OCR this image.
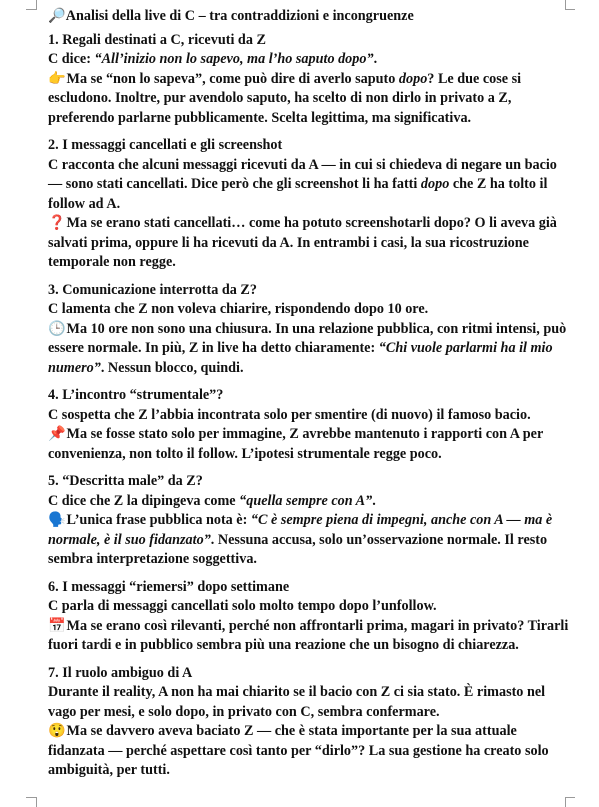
🔎 Analisi della live di C – tra contraddizioni e incongruenze

1. Regali destinati a C, ricevuti da Z

C dice: “All’inizio non lo sapevo, ma l’ho saputo dopo”.

👉 Ma se “non lo sapeva”, come può dire di averlo saputo dopo? Le due cose si escludono. Inoltre, pur avendolo saputo, ha scelto di non dirlo in privato a Z, preferendo parlarne pubblicamente. Scelta legittima, ma significativa.

2. I messaggi cancellati e gli screenshot

C racconta che alcuni messaggi ricevuti da A — in cui si chiedeva di negare un bacio — sono stati cancellati. Dice però che gli screenshot li ha fatti dopo che Z ha tolto il follow ad A.

❓ Ma se erano stati cancellati… come ha potuto screenshotarli dopo? O li aveva già salvati prima, oppure li ha ricevuti da A. In entrambi i casi, la sua ricostruzione temporale non regge.

3. Comunicazione interrotta da Z?

C lamenta che Z non voleva chiarire, rispondendo dopo 10 ore.

🕒 Ma 10 ore non sono una chiusura. In una relazione pubblica, con ritmi intensi, può essere normale. In più, Z in live ha detto chiaramente: “Chi vuole parlarmi ha il mio numero”. Nessun blocco, quindi.

4. L’incontro “strumentale”?

C sospetta che Z l’abbia incontrata solo per smentire (di nuovo) il famoso bacio.

📌 Ma se fosse stato solo per immagine, Z avrebbe mantenuto i rapporti con A per convenienza, non tolto il follow. L’ipotesi strumentale regge poco.

5. “Descritta male” da Z?

C dice che Z la dipingeva come “quella sempre con A”.

🗣️ L’unica frase pubblica nota è: “C è sempre piena di impegni, anche con A — ma è normale, è il suo fidanzato”. Nessuna accusa, solo un’osservazione normale. Il resto sembra interpretazione soggettiva.

6. I messaggi “riemersi” dopo settimane

C parla di messaggi cancellati solo molto tempo dopo l’unfollow.

📅 Ma se erano così rilevanti, perché non affrontarli prima, magari in privato? Tirarli fuori tardi e in pubblico sembra più una reazione che un bisogno di chiarezza.

7. Il ruolo ambiguo di A

Durante il reality, A non ha mai chiarito se il bacio con Z ci sia stato. È rimasto nel vago per mesi, e solo dopo, in privato con C, sembra confermare.

😲 Ma se davvero aveva baciato Z — che è stata importante per la sua attuale fidanzata — perché aspettare così tanto per “dirlo”? La sua gestione ha creato solo ambiguità, per tutti.
